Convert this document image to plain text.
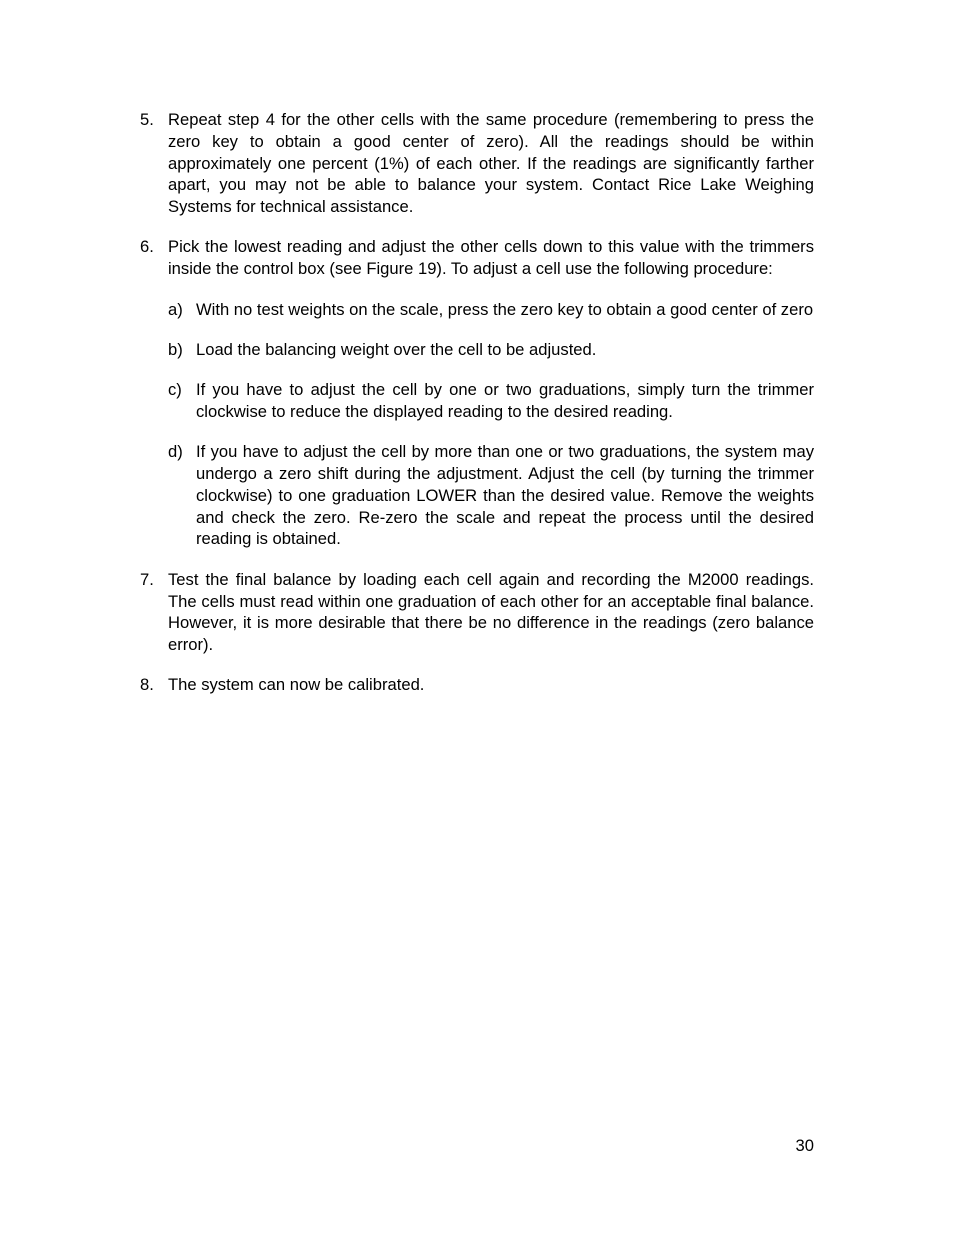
5. Repeat step 4 for the other cells with the same procedure (remembering to press the zero key to obtain a good center of zero). All the readings should be within approximately one percent (1%) of each other. If the readings are significantly farther apart, you may not be able to balance your system. Contact Rice Lake Weighing Systems for technical assistance.
6. Pick the lowest reading and adjust the other cells down to this value with the trimmers inside the control box (see Figure 19). To adjust a cell use the following procedure:
a) With no test weights on the scale, press the zero key to obtain a good center of zero
b) Load the balancing weight over the cell to be adjusted.
c) If you have to adjust the cell by one or two graduations, simply turn the trimmer clockwise to reduce the displayed reading to the desired reading.
d) If you have to adjust the cell by more than one or two graduations, the system may undergo a zero shift during the adjustment. Adjust the cell (by turning the trimmer clockwise) to one graduation LOWER than the desired value. Remove the weights and check the zero. Re-zero the scale and repeat the process until the desired reading is obtained.
7. Test the final balance by loading each cell again and recording the M2000 readings. The cells must read within one graduation of each other for an acceptable final balance. However, it is more desirable that there be no difference in the readings (zero balance error).
8. The system can now be calibrated.
30
